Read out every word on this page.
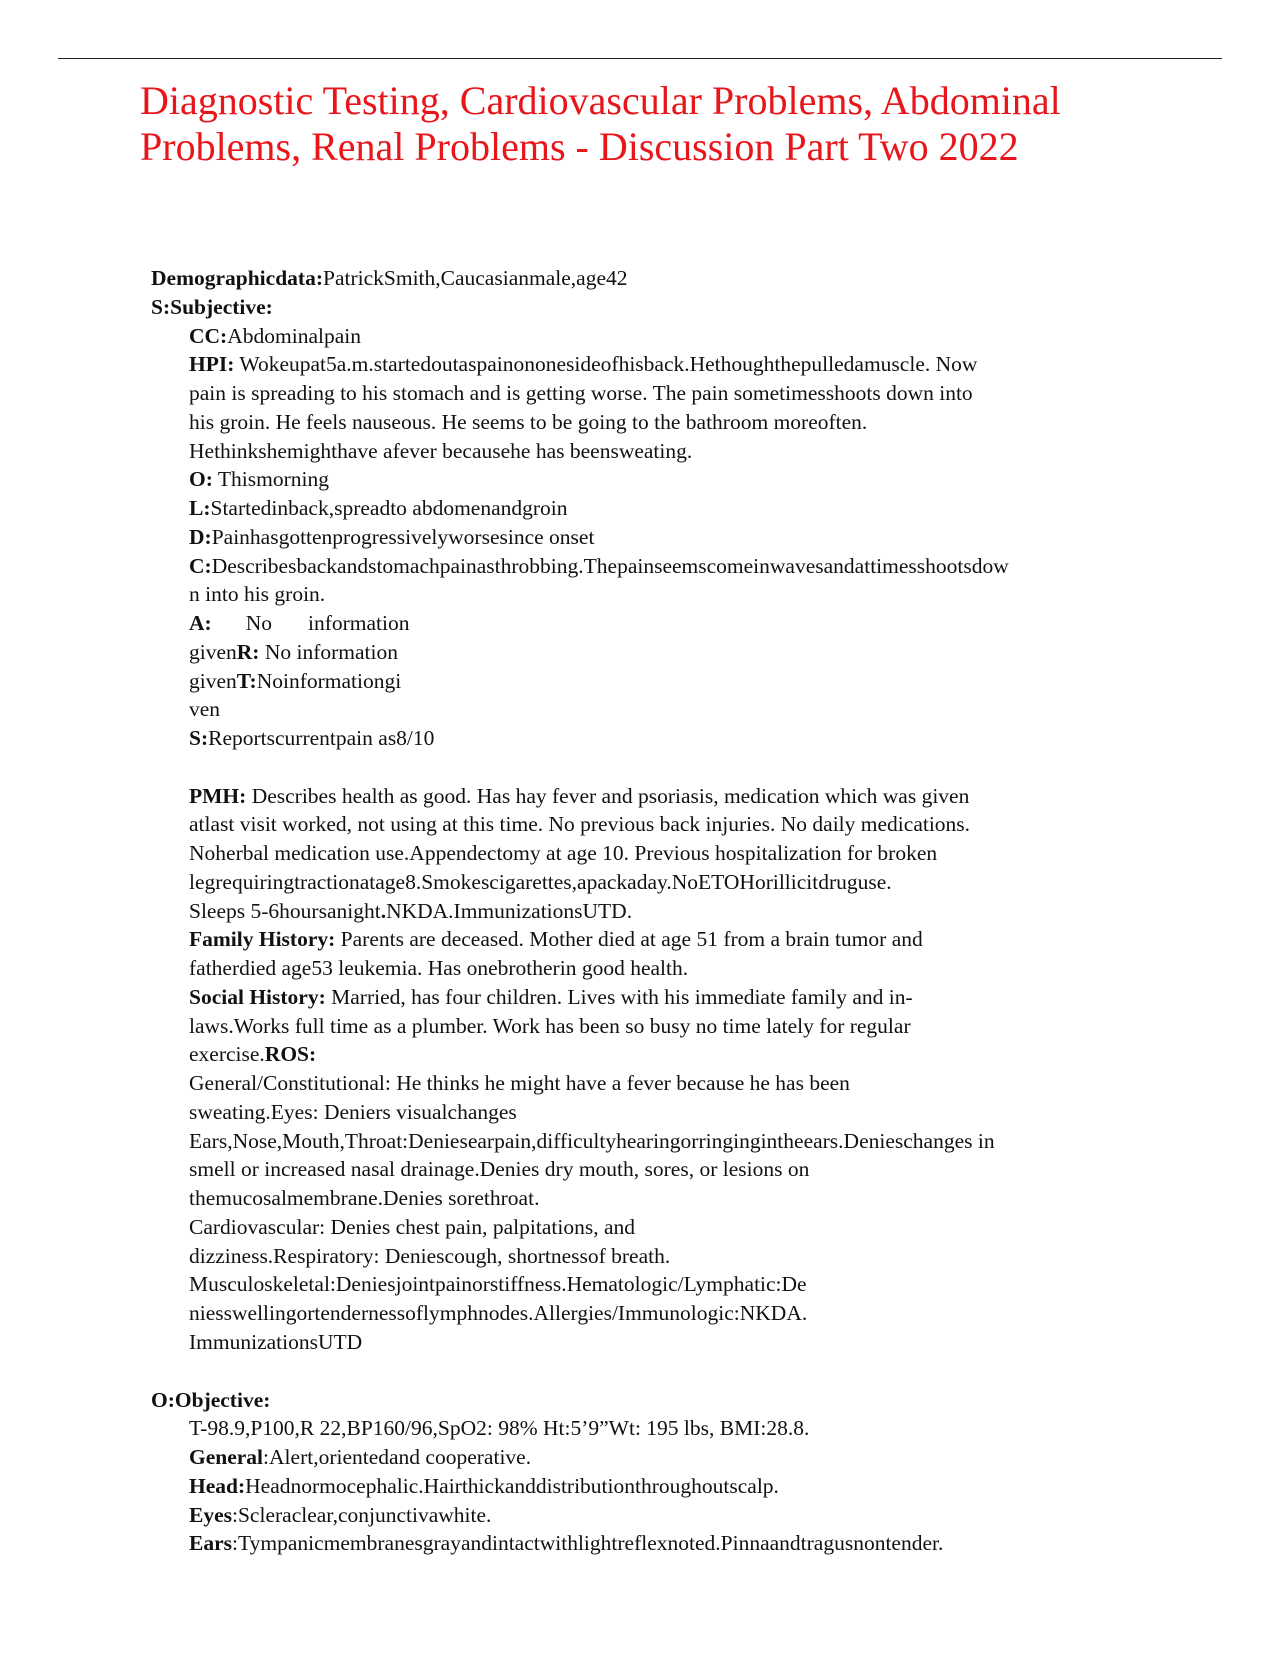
Diagnostic Testing, Cardiovascular Problems, Abdominal
Problems, Renal Problems - Discussion Part Two 2022
Demographicdata:PatrickSmith,Caucasianmale,age42
S:Subjective:
CC:Abdominalpain
HPI: Wokeupat5a.m.startedoutaspainononesideofhisback.Hethoughthepulledamuscle. Now
pain is spreading to his stomach and is getting worse. The pain sometimesshoots down into
his groin. He feels nauseous. He seems to be going to the bathroom moreoften.
Hethinkshemighthave afever becausehe has beensweating.
O: Thismorning
L:Startedinback,spreadto abdomenandgroin
D:Painhasgottenprogressivelyworsesince onset
C:Describesbackandstomachpainasthrobbing.Thepainseemscomeinwavesandattimesshootsdow
n into his groin.
A: No information
givenR: No information
givenT:Noinformationgi
ven
S:Reportscurrentpain as8/10
PMH: Describes health as good. Has hay fever and psoriasis, medication which was given
atlast visit worked, not using at this time. No previous back injuries. No daily medications.
Noherbal medication use.Appendectomy at age 10. Previous hospitalization for broken
legrequiringtractionatage8.Smokescigarettes,apackaday.NoETOHorillicitdruguse.
Sleeps 5-6hoursanight.NKDA.ImmunizationsUTD.
Family History: Parents are deceased. Mother died at age 51 from a brain tumor and
fatherdied age53 leukemia. Has onebrotherin good health.
Social History: Married, has four children. Lives with his immediate family and in-
laws.Works full time as a plumber. Work has been so busy no time lately for regular
exercise.ROS:
General/Constitutional: He thinks he might have a fever because he has been
sweating.Eyes: Deniers visualchanges
Ears,Nose,Mouth,Throat:Deniesearpain,difficultyhearingorringingintheears.Denieschanges in
smell or increased nasal drainage.Denies dry mouth, sores, or lesions on
themucosalmembrane.Denies sorethroat.
Cardiovascular: Denies chest pain, palpitations, and
dizziness.Respiratory: Deniescough, shortnessof breath.
Musculoskeletal:Deniesjointpainorstiffness.Hematologic/Lymphatic:De
niesswellingortendernessoflymphnodes.Allergies/Immunologic:NKDA.
ImmunizationsUTD
O:Objective:
T-98.9,P100,R 22,BP160/96,SpO2: 98% Ht:5’9”Wt: 195 lbs, BMI:28.8.
General:Alert,orientedand cooperative.
Head:Headnormocephalic.Hairthickanddistributionthroughoutscalp.
Eyes:Scleraclear,conjunctivawhite.
Ears:Tympanicmembranesgrayandintactwithlightreflexnoted.Pinnaandtragusnontender.
